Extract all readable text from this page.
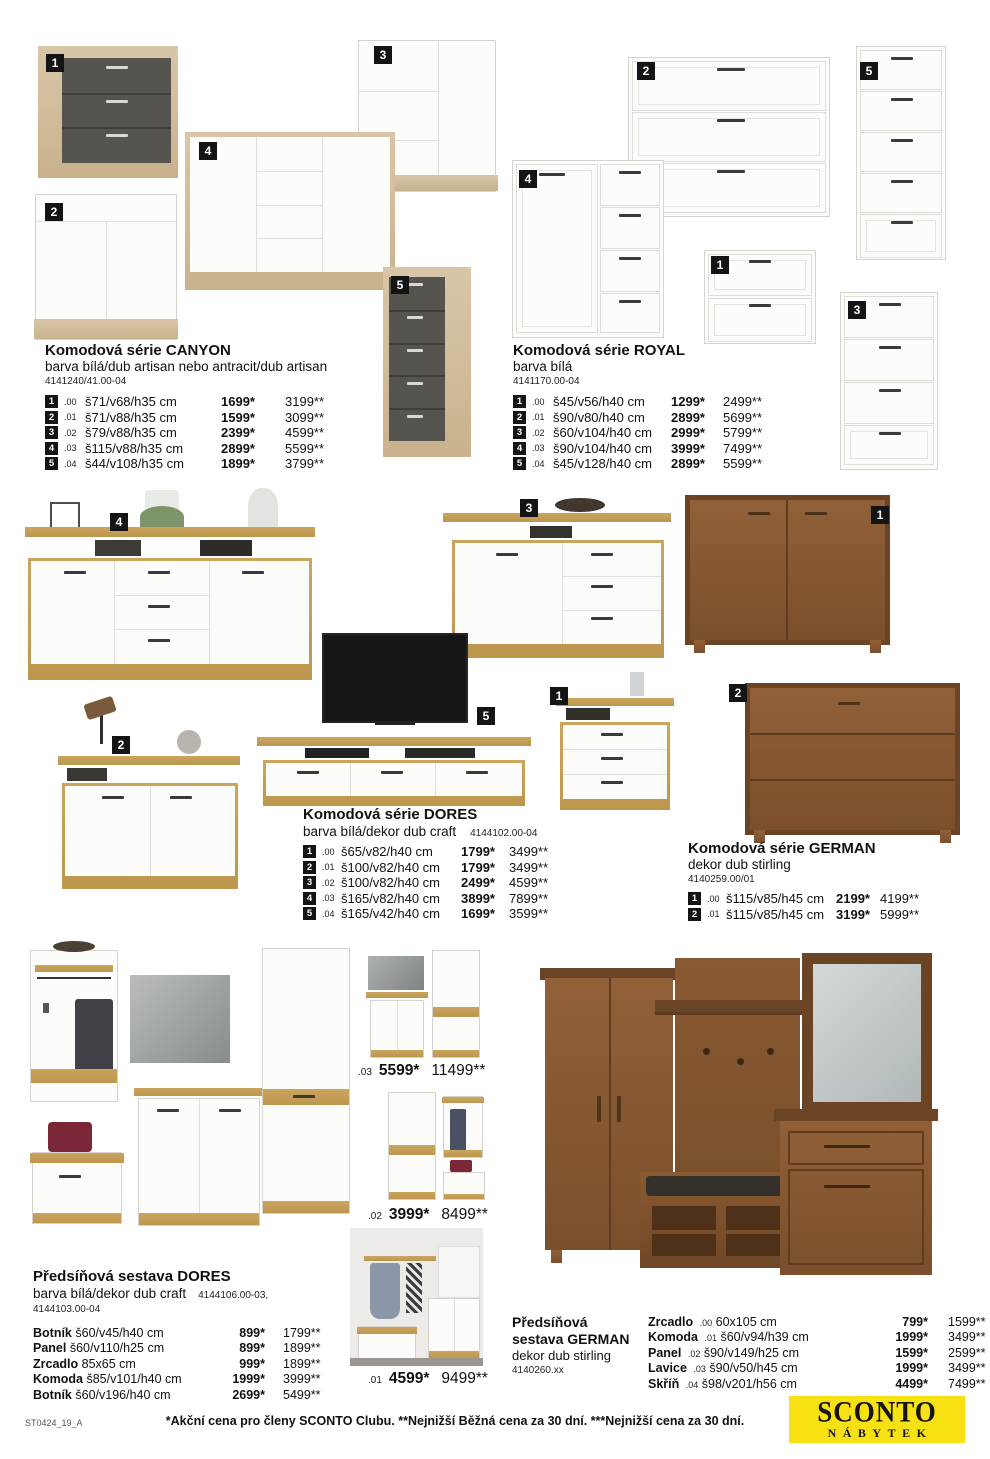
1
2
3
4
5
2	5
4
1
3
Komodová série CANYON
barva bílá/dub artisan nebo antracit/dub artisan
4141240/41.00-04
1	.00 š71/v68/h35 cm	1699*	3199**
2	.01 š71/v88/h35 cm	1599*	3099**
3	.02 š79/v88/h35 cm	2399*	4599**
4	.03 š115/v88/h35 cm	2899*	5599**
5	.04 š44/v108/h35 cm	1899*	3799**
Komodová série ROYAL
barva bílá
4141170.00-04
1	.00 š45/v56/h40 cm	1299*	2499**
2	.01 š90/v80/h40 cm	2899*	5699**
3	.02 š60/v104/h40 cm	2999*	5799**
4	.03 š90/v104/h40 cm	3999*	7499**
5	.04 š45/v128/h40 cm	2899*	5599**
4
3
2
5
1
1
2
Komodová série DORES
barva bílá/dekor dub craft 4144102.00-04
1	.00 š65/v82/h40 cm	1799*	3499**
2	.01 š100/v82/h40 cm	1799*	3499**
3	.02 š100/v82/h40 cm	2499*	4599**
4	.03 š165/v82/h40 cm	3899*	7899**
5	.04 š165/v42/h40 cm	1699*	3599**
Komodová série GERMAN
dekor dub stirling
4140259.00/01
1	.00 š115/v85/h45 cm 2199* 4199**
2	.01 š115/v85/h45 cm 3199* 5999**
.03 5599* 11499**
.02 3999* 8499**
.01 4599* 9499**
Předsíňová sestava DORES
barva bílá/dekor dub craft 4144106.00-03,
4144103.00-04
Botník š60/v45/h40 cm	899*	1799**
Panel š60/v110/h25 cm	899*	1899**
Zrcadlo 85x65 cm	999*	1899**
Komoda š85/v101/h40 cm	1999*	3999**
Botník š60/v196/h40 cm	2699*	5499**
Předsíňová
sestava GERMAN
dekor dub stirling
4140260.xx
Zrcadlo .00 60x105 cm	799*	1599**
Komoda .01 š60/v94/h39 cm	1999*	3499**
Panel .02 š90/v149/h25 cm	1599*	2599**
Lavice .03 š90/v50/h45 cm	1999*	3499**
Skříň .04 š98/v201/h56 cm	4499*	7499**
ST0424_19_A	*Akční cena pro členy SCONTO Clubu. **Nejnižší Běžná cena za 30 dní. ***Nejnižší cena za 30 dní.	SCONTO
NÁBYTEK
